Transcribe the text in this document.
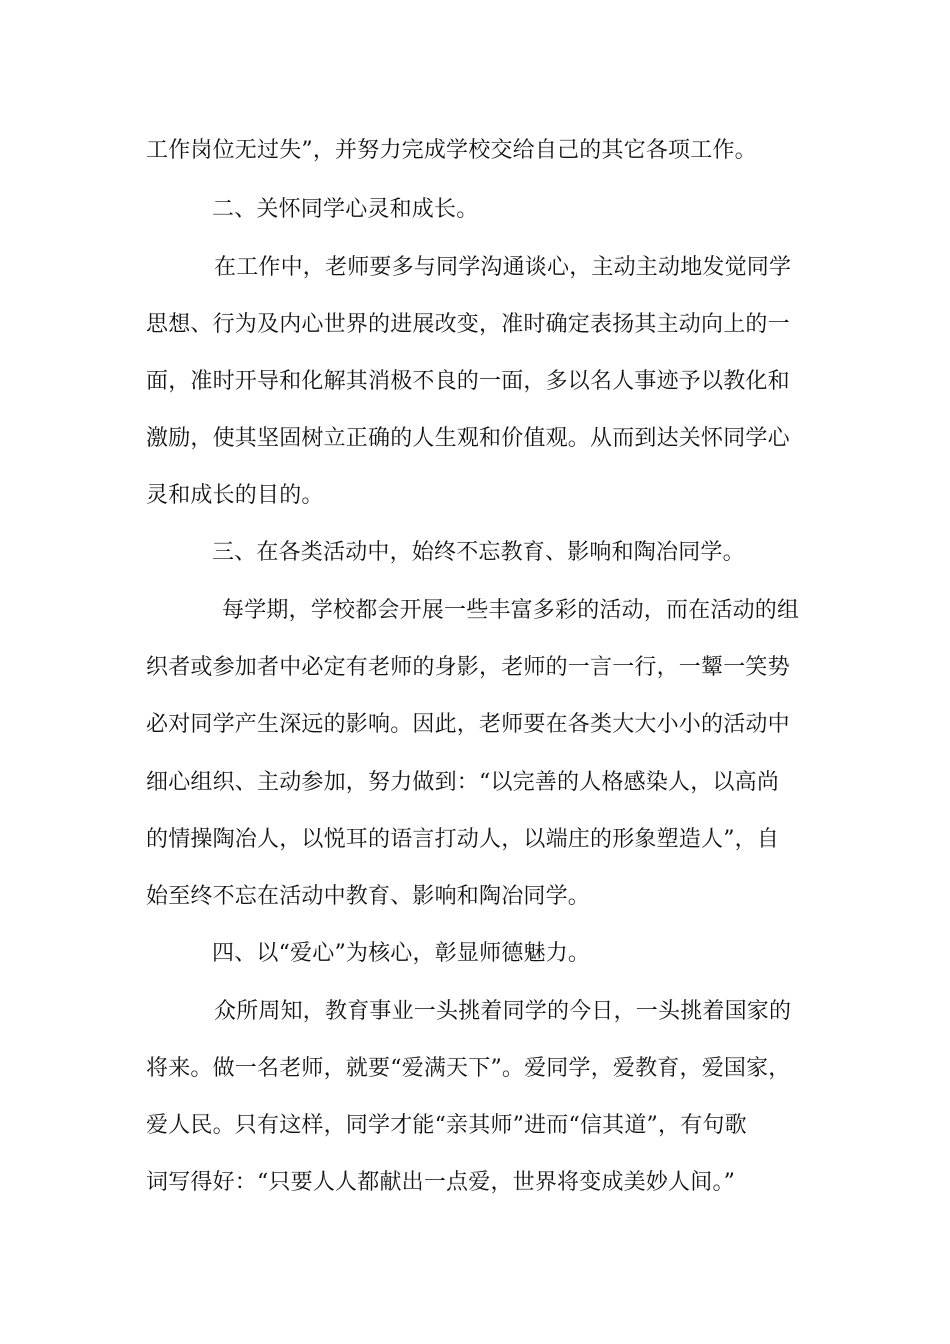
工作岗位无过失”，并努力完成学校交给自己的其它各项工作。
二、关怀同学心灵和成长。
在工作中，老师要多与同学沟通谈心，主动主动地发觉同学
思想、行为及内心世界的进展改变，准时确定表扬其主动向上的一
面，准时开导和化解其消极不良的一面，多以名人事迹予以教化和
激励，使其坚固树立正确的人生观和价值观。从而到达关怀同学心
灵和成长的目的。
三、在各类活动中，始终不忘教育、影响和陶冶同学。
每学期，学校都会开展一些丰富多彩的活动，而在活动的组
织者或参加者中必定有老师的身影，老师的一言一行，一颦一笑势
必对同学产生深远的影响。因此，老师要在各类大大小小的活动中
细心组织、主动参加，努力做到：“以完善的人格感染人，以高尚
的情操陶冶人，以悦耳的语言打动人，以端庄的形象塑造人”，自
始至终不忘在活动中教育、影响和陶冶同学。
四、以“爱心”为核心，彰显师德魅力。
众所周知，教育事业一头挑着同学的今日，一头挑着国家的
将来。做一名老师，就要“爱满天下”。爱同学，爱教育，爱国家，
爱人民。只有这样，同学才能“亲其师”进而“信其道”，有句歌
词写得好：“只要人人都献出一点爱，世界将变成美妙人间。”
